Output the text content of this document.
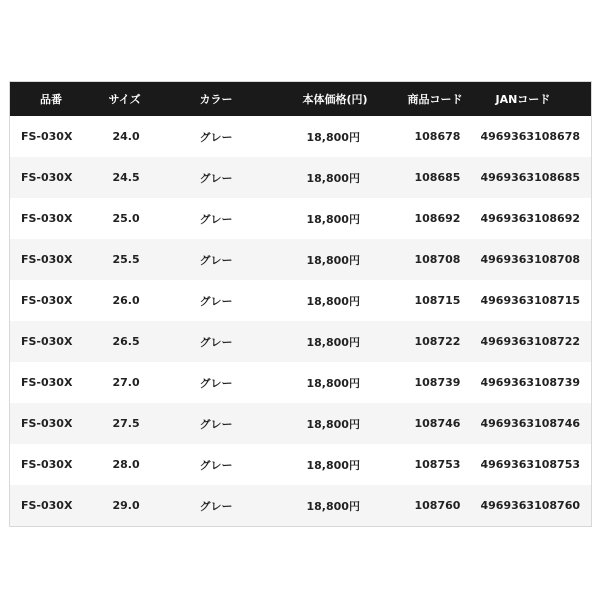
品番	サイズ	カラー	本体価格(円)	商品コード	JANコード
FS-030X	24.0	グレー	18,800円	108678	4969363108678
FS-030X	24.5	グレー	18,800円	108685	4969363108685
FS-030X	25.0	グレー	18,800円	108692	4969363108692
FS-030X	25.5	グレー	18,800円	108708	4969363108708
FS-030X	26.0	グレー	18,800円	108715	4969363108715
FS-030X	26.5	グレー	18,800円	108722	4969363108722
FS-030X	27.0	グレー	18,800円	108739	4969363108739
FS-030X	27.5	グレー	18,800円	108746	4969363108746
FS-030X	28.0	グレー	18,800円	108753	4969363108753
FS-030X	29.0	グレー	18,800円	108760	4969363108760
